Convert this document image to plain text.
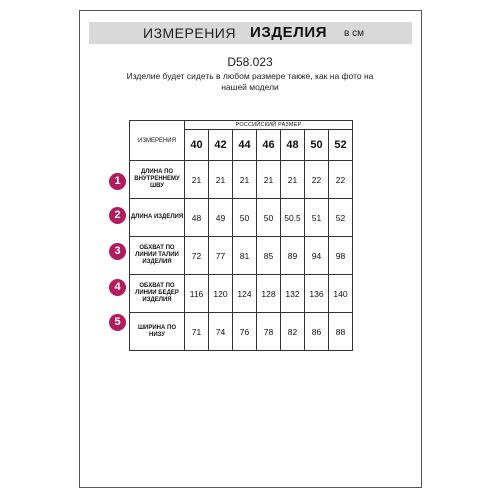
ИЗМЕРЕНИЯ ИЗДЕЛИЯ в см
D58.023
Изделие будет сидеть в любом размере также, как на фото на нашей модели
ИЗМЕРЕНИЯ	РОССИЙСКИЙ РАЗМЕР						
	40	42	44	46	48	50	52
ДЛИНА ПО ВНУТРЕННЕМУ ШВУ	21	21	21	21	21	22	22
ДЛИНА ИЗДЕЛИЯ	48	49	50	50	50.5	51	52
ОБХВАТ ПО ЛИНИИ ТАЛИИ ИЗДЕЛИЯ	72	77	81	85	89	94	98
ОБХВАТ ПО ЛИНИИ БЕДЕР ИЗДЕЛИЯ	116	120	124	128	132	136	140
ШИРИНА ПО НИЗУ	71	74	76	78	82	86	88
1
2
3
4
5
